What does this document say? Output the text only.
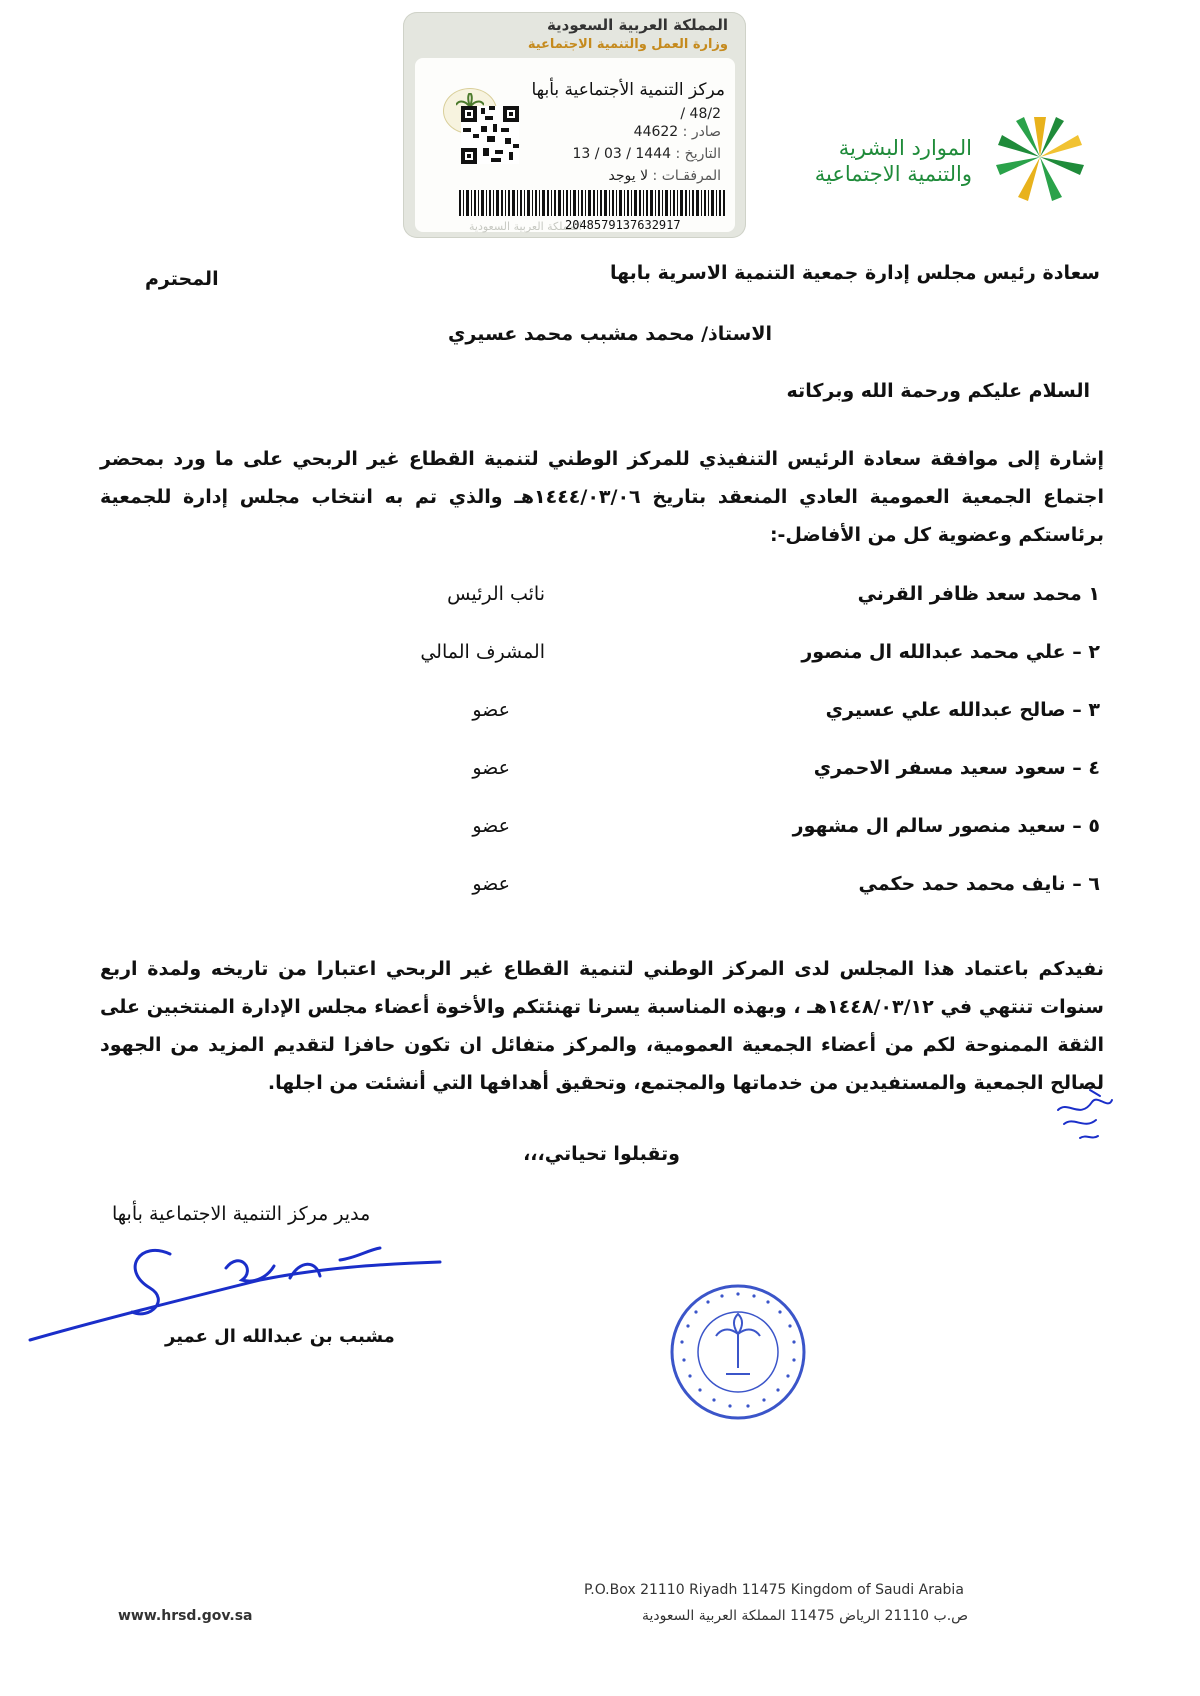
المملكة العربية السعودية
وزارة العمل والتنمية الاجتماعية
مركز التنمية الأجتماعية بأبها
48/2 /
صادر : 44622
التاريخ : 1444 / 03 / 13
المرفقـات : لا يوجد
المملكة العربية السعودية
204857913763291‎7
الموارد البشرية
والتنمية الاجتماعية
سعادة رئيس مجلس إدارة جمعية التنمية الاسرية بابها
المحترم
الاستاذ/ محمد مشبب محمد عسيري
السلام عليكم ورحمة الله وبركاته
إشارة إلى موافقة سعادة الرئيس التنفيذي للمركز الوطني لتنمية القطاع غير الربحي على ما ورد بمحضر اجتماع الجمعية العمومية العادي المنعقد بتاريخ ١٤٤٤/٠٣/٠٦هـ والذي تم به انتخاب مجلس إدارة للجمعية برئاستكم وعضوية كل من الأفاضل-:
١ محمد سعد ظافر القرني
نائب الرئيس
٢ – علي محمد عبدالله ال منصور
المشرف المالي
٣ – صالح عبدالله علي عسيري
عضو
٤ – سعود سعيد مسفر الاحمري
عضو
٥ – سعيد منصور سالم ال مشهور
عضو
٦ – نايف محمد حمد حكمي
عضو
نفيدكم باعتماد هذا المجلس لدى المركز الوطني لتنمية القطاع غير الربحي اعتبارا من تاريخه ولمدة اربع سنوات تنتهي في ١٤٤٨/٠٣/١٢هـ ، وبهذه المناسبة يسرنا تهنئتكم والأخوة أعضاء مجلس الإدارة المنتخبين على الثقة الممنوحة لكم من أعضاء الجمعية العمومية، والمركز متفائل ان تكون حافزا لتقديم المزيد من الجهود لصالح الجمعية والمستفيدين من خدماتها والمجتمع، وتحقيق أهدافها التي أنشئت من اجلها.
وتقبلوا تحياتي،،،
مدير مركز التنمية الاجتماعية بأبها
مشبب بن عبدالله ال عمير
www.hrsd.gov.sa
P.O.Box 21110 Riyadh 11475 Kingdom of Saudi Arabia
ص.ب 21110 الرياض 11475 المملكة العربية السعودية
